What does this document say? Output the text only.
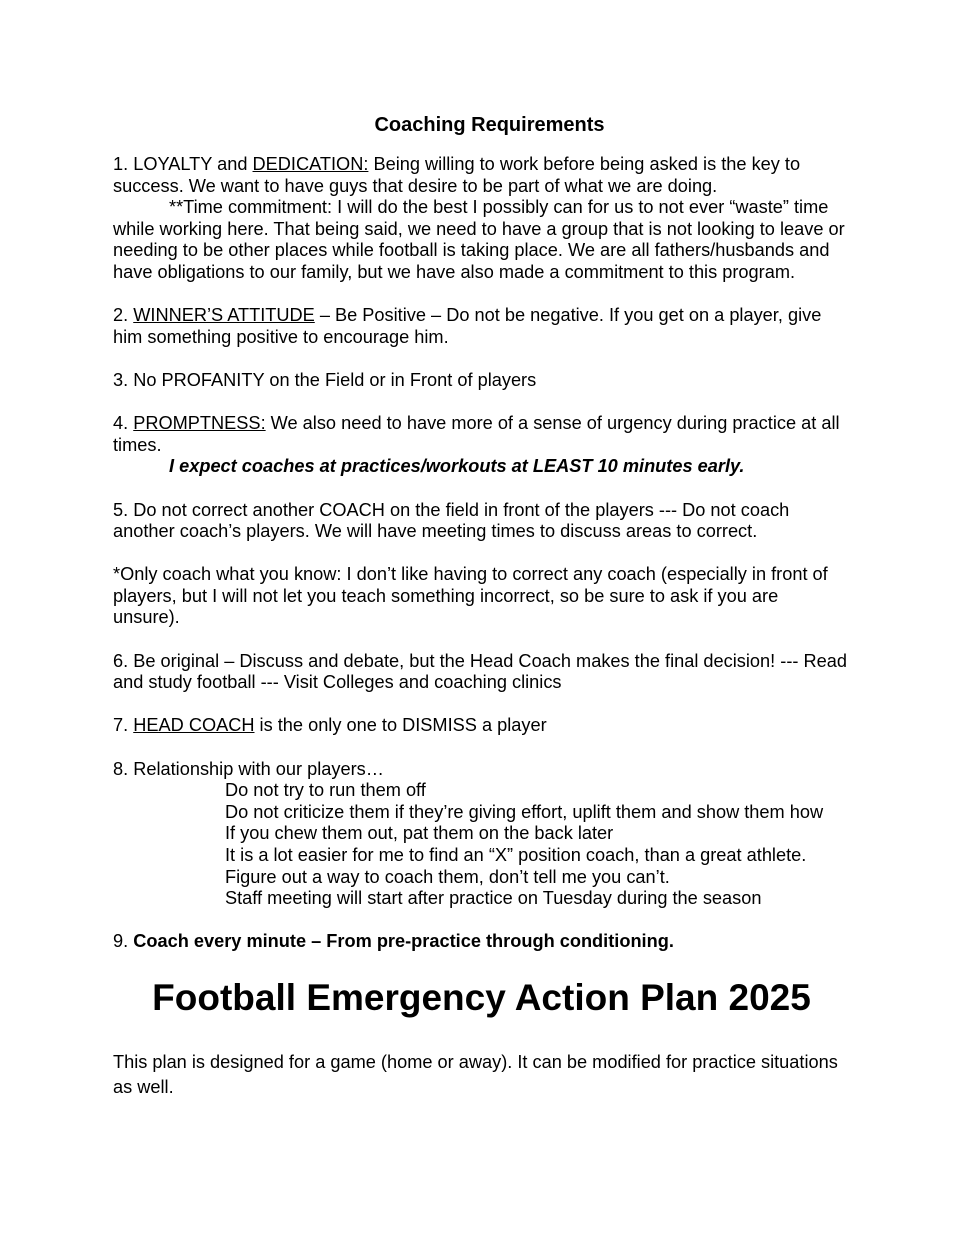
Coaching Requirements

1. LOYALTY and DEDICATION: Being willing to work before being asked is the key to success. We want to have guys that desire to be part of what we are doing.

**Time commitment: I will do the best I possibly can for us to not ever “waste” time while working here. That being said, we need to have a group that is not looking to leave or needing to be other places while football is taking place. We are all fathers/husbands and have obligations to our family, but we have also made a commitment to this program.

2. WINNER’S ATTITUDE – Be Positive – Do not be negative. If you get on a player, give him something positive to encourage him.

3. No PROFANITY on the Field or in Front of players

4. PROMPTNESS: We also need to have more of a sense of urgency during practice at all times.

I expect coaches at practices/workouts at LEAST 10 minutes early.

5. Do not correct another COACH on the field in front of the players --- Do not coach another coach’s players. We will have meeting times to discuss areas to correct.

*Only coach what you know: I don’t like having to correct any coach (especially in front of players, but I will not let you teach something incorrect, so be sure to ask if you are unsure).

6. Be original – Discuss and debate, but the Head Coach makes the final decision! --- Read and study football --- Visit Colleges and coaching clinics

7. HEAD COACH is the only one to DISMISS a player

8. Relationship with our players…

Do not try to run them off

Do not criticize them if they’re giving effort, uplift them and show them how

If you chew them out, pat them on the back later

It is a lot easier for me to find an “X” position coach, than a great athlete.

Figure out a way to coach them, don’t tell me you can’t.

Staff meeting will start after practice on Tuesday during the season

9. Coach every minute – From pre-practice through conditioning.

Football Emergency Action Plan 2025

This plan is designed for a game (home or away). It can be modified for practice situations as well.
